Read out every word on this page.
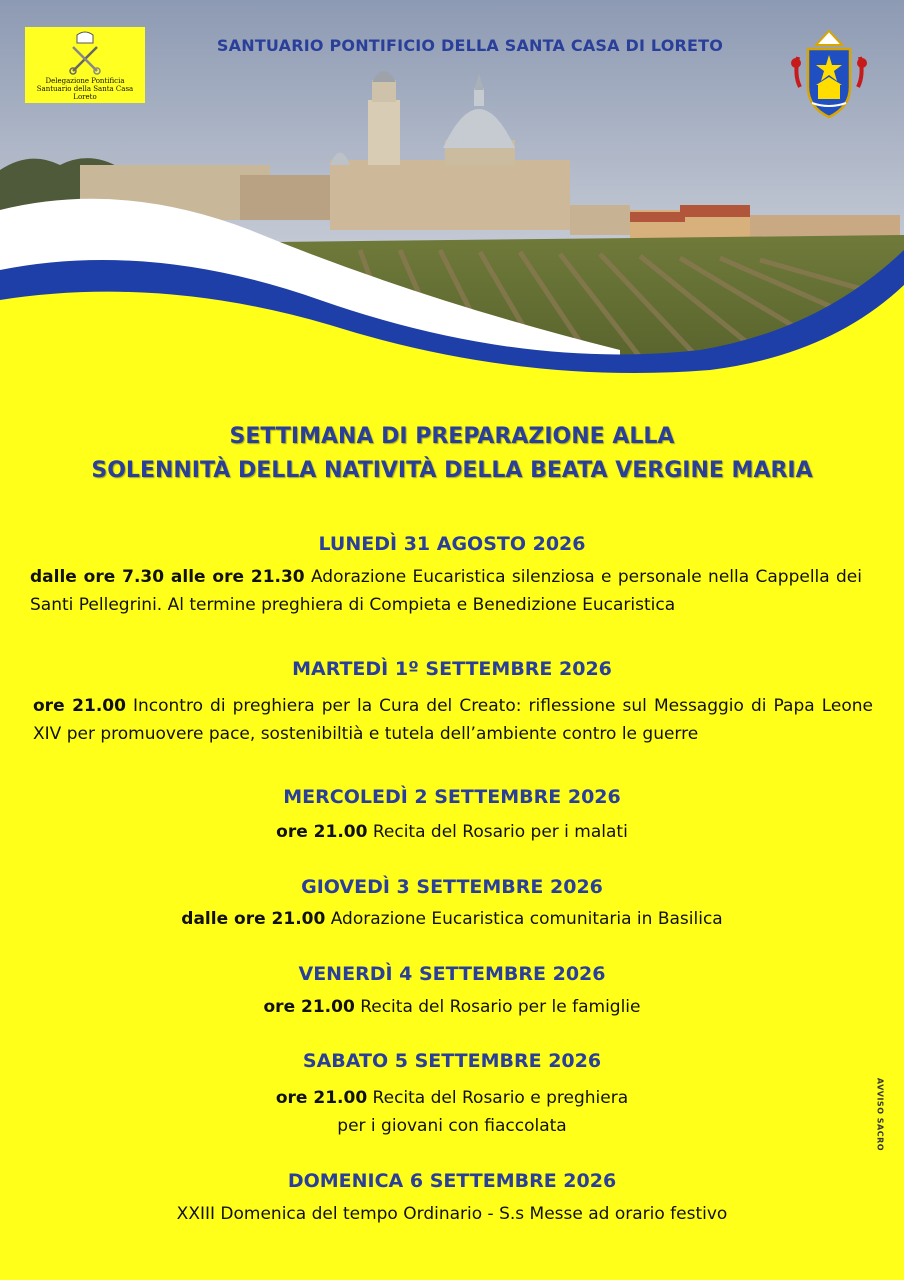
Delegazione Pontificia
Santuario della Santa Casa
Loreto
SANTUARIO PONTIFICIO DELLA SANTA CASA DI LORETO
SETTIMANA DI PREPARAZIONE ALLA
SOLENNITÀ DELLA NATIVITÀ DELLA BEATA VERGINE MARIA
LUNEDÌ 31 AGOSTO 2026
dalle ore 7.30 alle ore 21.30 Adorazione Eucaristica silenziosa e personale nella Cappella dei Santi Pellegrini. Al termine preghiera di Compieta e Benedizione Eucaristica
MARTEDÌ 1º SETTEMBRE 2026
ore 21.00 Incontro di preghiera per la Cura del Creato: riflessione sul Messaggio di Papa Leone XIV per promuovere pace, sostenibiltià e tutela dell’ambiente contro le guerre
MERCOLEDÌ 2 SETTEMBRE 2026
ore 21.00 Recita del Rosario per i malati
GIOVEDÌ 3 SETTEMBRE 2026
dalle ore 21.00 Adorazione Eucaristica comunitaria in Basilica
VENERDÌ 4 SETTEMBRE 2026
ore 21.00 Recita del Rosario per le famiglie
SABATO 5 SETTEMBRE 2026
ore 21.00 Recita del Rosario e preghiera
per i giovani con fiaccolata
DOMENICA 6 SETTEMBRE 2026
XXIII Domenica del tempo Ordinario - S.s Messe ad orario festivo
AVVISO SACRO
